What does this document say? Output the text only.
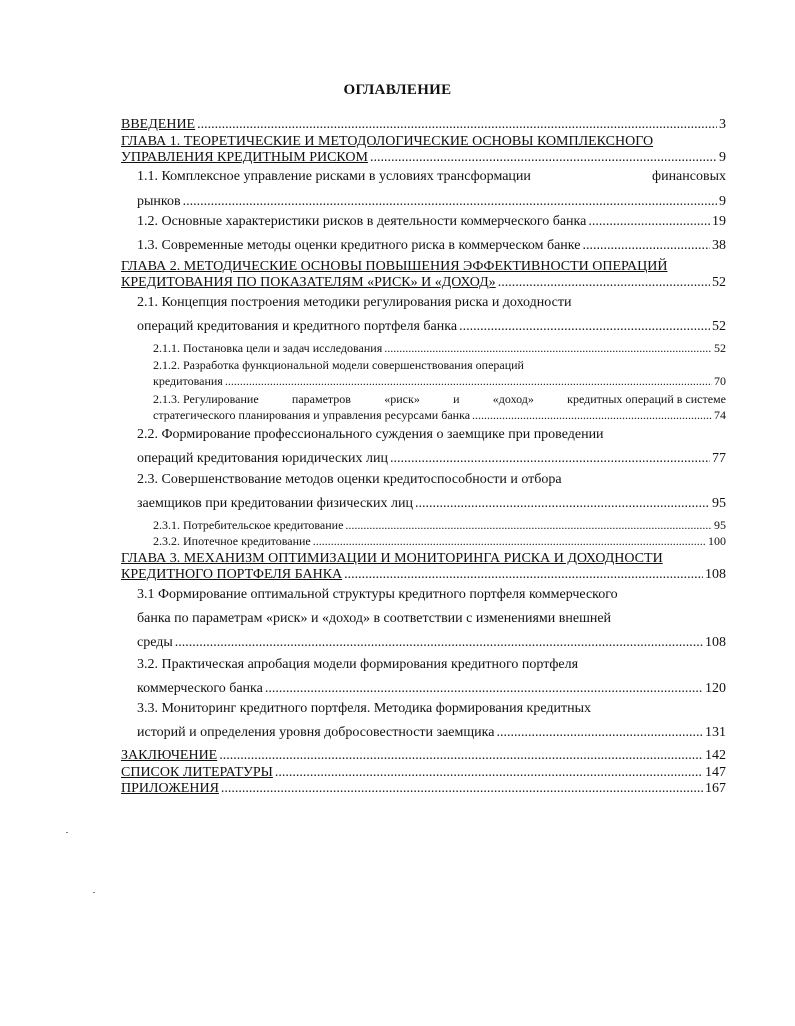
ОГЛАВЛЕНИЕ
ВВЕДЕНИЕ .....	3
ГЛАВА 1. ТЕОРЕТИЧЕСКИЕ И МЕТОДОЛОГИЧЕСКИЕ ОСНОВЫ КОМПЛЕКСНОГО
УПРАВЛЕНИЯ КРЕДИТНЫМ РИСКОМ .....	9
1.1. Комплексное управление рисками в условиях трансформации	финансовых
рынков .....	9
1.2. Основные характеристики рисков в деятельности коммерческого банка .....	19
1.3. Современные методы оценки кредитного риска в коммерческом банке .....	38
ГЛАВА 2. МЕТОДИЧЕСКИЕ ОСНОВЫ ПОВЫШЕНИЯ ЭФФЕКТИВНОСТИ ОПЕРАЦИЙ
КРЕДИТОВАНИЯ ПО ПОКАЗАТЕЛЯМ «РИСК» И «ДОХОД» .....	52
2.1. Концепция построения методики регулирования риска и доходности
операций кредитования и кредитного портфеля банка .....	52
2.1.1. Постановка цели и задач исследования .....	52
2.1.2. Разработка функциональной модели совершенствования операций
кредитования .....	70
2.1.3. Регулирование	параметров	«риск»	и	«доход»	кредитных операций в системе
стратегического планирования и управления ресурсами банка .....	74
2.2. Формирование профессионального суждения о заемщике при проведении
операций кредитования юридических лиц .....	77
2.3. Совершенствование методов оценки кредитоспособности и отбора
заемщиков при кредитовании физических лиц .....	95
2.3.1. Потребительское кредитование .....	95
2.3.2. Ипотечное кредитование .....	100
ГЛАВА 3. МЕХАНИЗМ ОПТИМИЗАЦИИ И МОНИТОРИНГА РИСКА И ДОХОДНОСТИ
КРЕДИТНОГО ПОРТФЕЛЯ БАНКА .....	108
3.1 Формирование оптимальной структуры кредитного портфеля коммерческого
банка по параметрам «риск» и «доход» в соответствии с изменениями внешней
среды .....	108
3.2. Практическая апробация модели формирования кредитного портфеля
коммерческого банка .....	120
3.3. Мониторинг кредитного портфеля. Методика формирования кредитных
историй и определения уровня добросовестности заемщика .....	131
ЗАКЛЮЧЕНИЕ .....	142
СПИСОК ЛИТЕРАТУРЫ .....	147
ПРИЛОЖЕНИЯ .....	167
